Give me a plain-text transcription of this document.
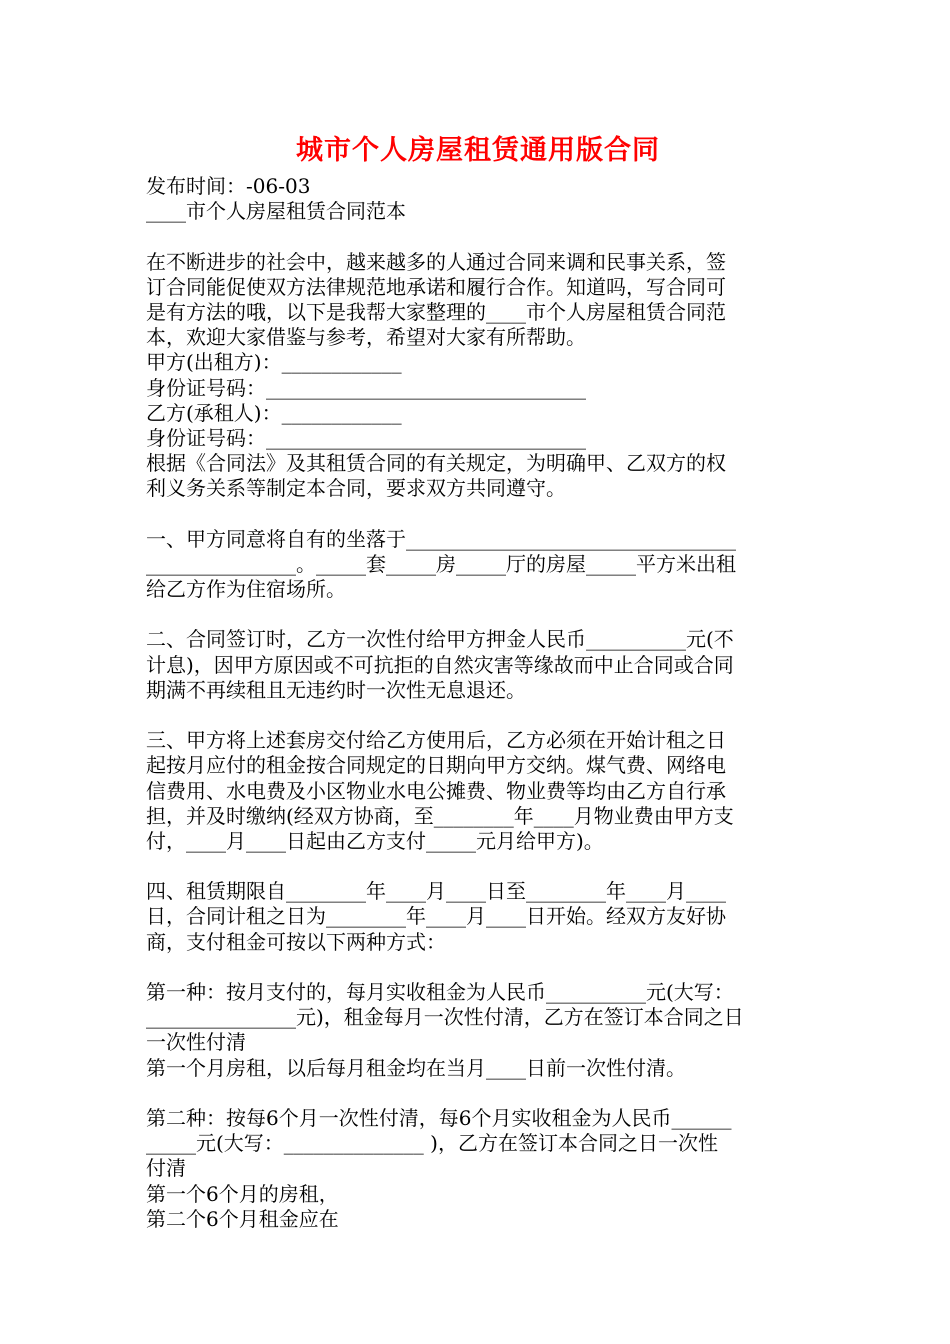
城市个人房屋租赁通用版合同
发布时间：-06-03
____市个人房屋租赁合同范本
在不断进步的社会中，越来越多的人通过合同来调和民事关系，签
订合同能促使双方法律规范地承诺和履行合作。知道吗，写合同可
是有方法的哦，以下是我帮大家整理的____市个人房屋租赁合同范
本，欢迎大家借鉴与参考，希望对大家有所帮助。
甲方(出租方)：____________
身份证号码：________________________________
乙方(承租人)：____________
身份证号码：________________________________
根据《合同法》及其租赁合同的有关规定，为明确甲、乙双方的权
利义务关系等制定本合同，要求双方共同遵守。
一、甲方同意将自有的坐落于_________________________________
_______________。_____套_____房_____厅的房屋_____平方米出租
给乙方作为住宿场所。
二、合同签订时，乙方一次性付给甲方押金人民币__________元(不
计息)，因甲方原因或不可抗拒的自然灾害等缘故而中止合同或合同
期满不再续租且无违约时一次性无息退还。
三、甲方将上述套房交付给乙方使用后，乙方必须在开始计租之日
起按月应付的租金按合同规定的日期向甲方交纳。煤气费、网络电
信费用、水电费及小区物业水电公摊费、物业费等均由乙方自行承
担，并及时缴纳(经双方协商，至________年____月物业费由甲方支
付，____月____日起由乙方支付_____元月给甲方)。
四、租赁期限自________年____月____日至________年____月____
日，合同计租之日为________年____月____日开始。经双方友好协
商，支付租金可按以下两种方式：
第一种：按月支付的，每月实收租金为人民币__________元(大写：
_______________元)，租金每月一次性付清，乙方在签订本合同之日
一次性付清
第一个月房租，以后每月租金均在当月____日前一次性付清。
第二种：按每6个月一次性付清，每6个月实收租金为人民币______
_____元(大写：______________ )，乙方在签订本合同之日一次性
付清
第一个6个月的房租，
第二个6个月租金应在
